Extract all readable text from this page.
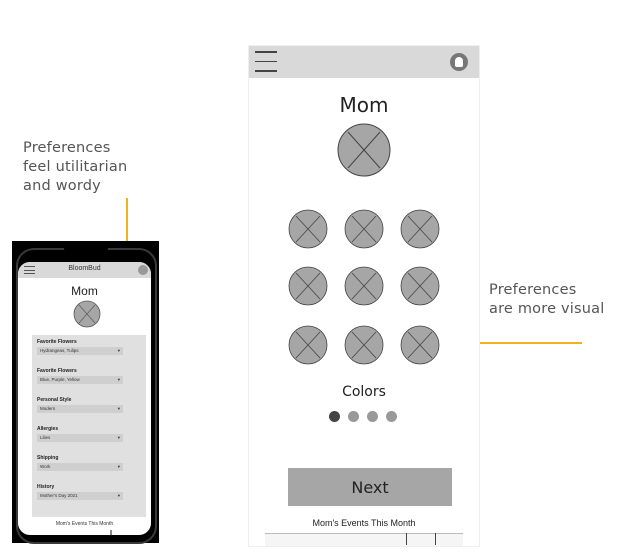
Preferences
feel utilitarian
and wordy
Preferences
are more visual
BloomBud
Mom
Favorite Flowers
Hydrangeas, Tulips	▾
Favorite Flowers
Blue, Purple, Yellow	▾
Personal Style
Modern	▾
Allergies
Lilies	▾
Shipping
Work	▾
History
Mother's Day 2021	▾
Mom's Events This Month
Mom
Colors
Next
Mom's Events This Month
